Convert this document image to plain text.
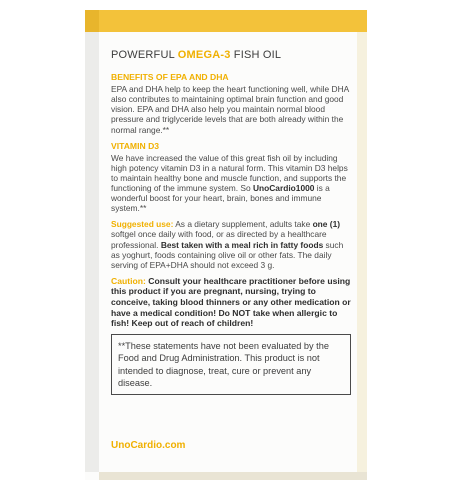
POWERFUL OMEGA-3 FISH OIL
BENEFITS OF EPA AND DHA

EPA and DHA help to keep the heart functioning well, while DHA also contributes to maintaining optimal brain function and good vision. EPA and DHA also help you maintain normal blood pressure and triglyceride levels that are both already within the normal range.**

VITAMIN D3

We have increased the value of this great fish oil by including high potency vitamin D3 in a natural form. This vitamin D3 helps to maintain healthy bone and muscle function, and supports the functioning of the immune system. So UnoCardio1000 is a wonderful boost for your heart, brain, bones and immune system.**

Suggested use: As a dietary supplement, adults take one (1) softgel once daily with food, or as directed by a healthcare professional. Best taken with a meal rich in fatty foods such as yoghurt, foods containing olive oil or other fats. The daily serving of EPA+DHA should not exceed 3 g.

Caution: Consult your healthcare practitioner before using this product if you are pregnant, nursing, trying to conceive, taking blood thinners or any other medication or have a medical condition! Do NOT take when allergic to fish! Keep out of reach of children!
**These statements have not been evaluated by the Food and Drug Administration. This product is not intended to diagnose, treat, cure or prevent any disease.
UnoCardio.com
